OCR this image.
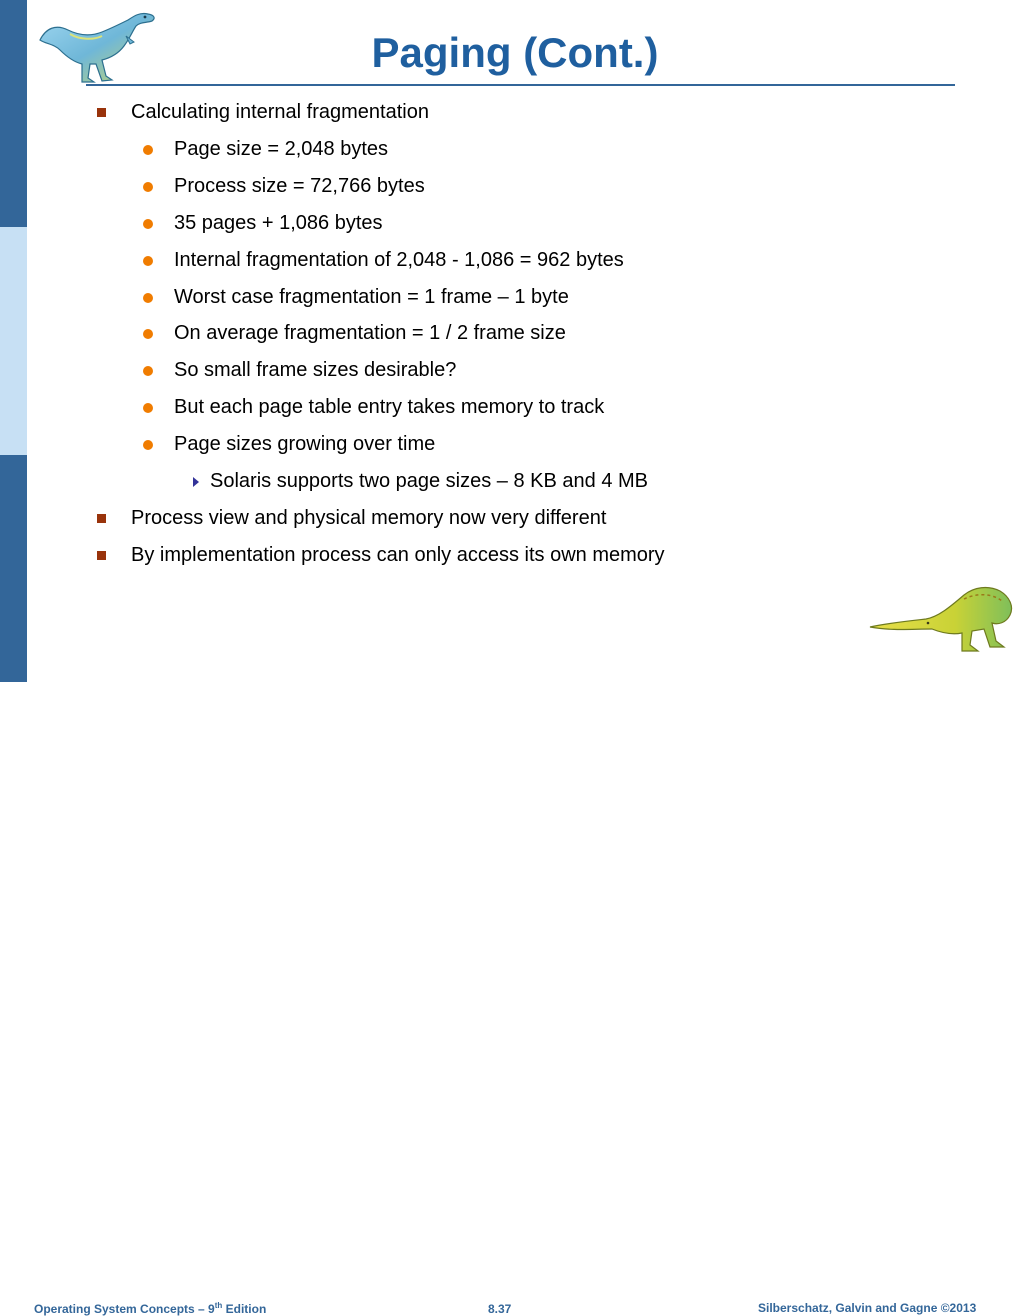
Paging (Cont.)
Calculating internal fragmentation
Page size = 2,048 bytes
Process size = 72,766 bytes
35 pages + 1,086 bytes
Internal fragmentation of 2,048 - 1,086 = 962 bytes
Worst case fragmentation = 1 frame – 1 byte
On average fragmentation = 1 / 2 frame size
So small frame sizes desirable?
But each page table entry takes memory to track
Page sizes growing over time
Solaris supports two page sizes – 8 KB and 4 MB
Process view and physical memory now very different
By implementation process can only access its own memory
Operating System Concepts – 9th Edition	8.37	Silberschatz, Galvin and Gagne ©2013
